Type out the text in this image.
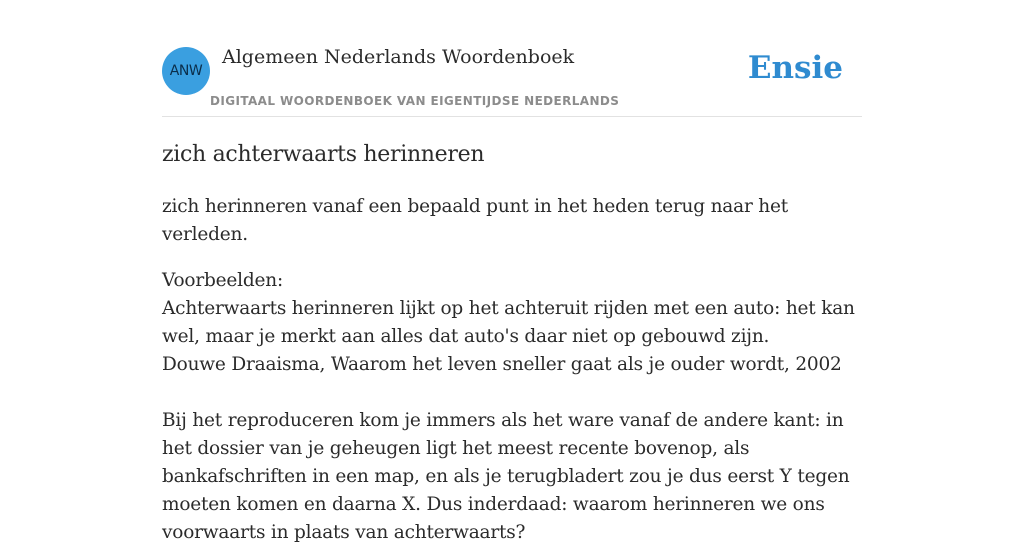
ANW
Algemeen Nederlands Woordenboek
DIGITAAL WOORDENBOEK VAN EIGENTIJDSE NEDERLANDS
Ensie
zich achterwaarts herinneren

zich herinneren vanaf een bepaald punt in het heden terug naar het verleden.

Voorbeelden:

Achterwaarts herinneren lijkt op het achteruit rijden met een auto: het kan wel, maar je merkt aan alles dat auto's daar niet op gebouwd zijn.

Douwe Draaisma, Waarom het leven sneller gaat als je ouder wordt, 2002

Bij het reproduceren kom je immers als het ware vanaf de andere kant: in het dossier van je geheugen ligt het meest recente bovenop, als bankafschriften in een map, en als je terugbladert zou je dus eerst Y tegen moeten komen en daarna X. Dus inderdaad: waarom herinneren we ons voorwaarts in plaats van achterwaarts?
